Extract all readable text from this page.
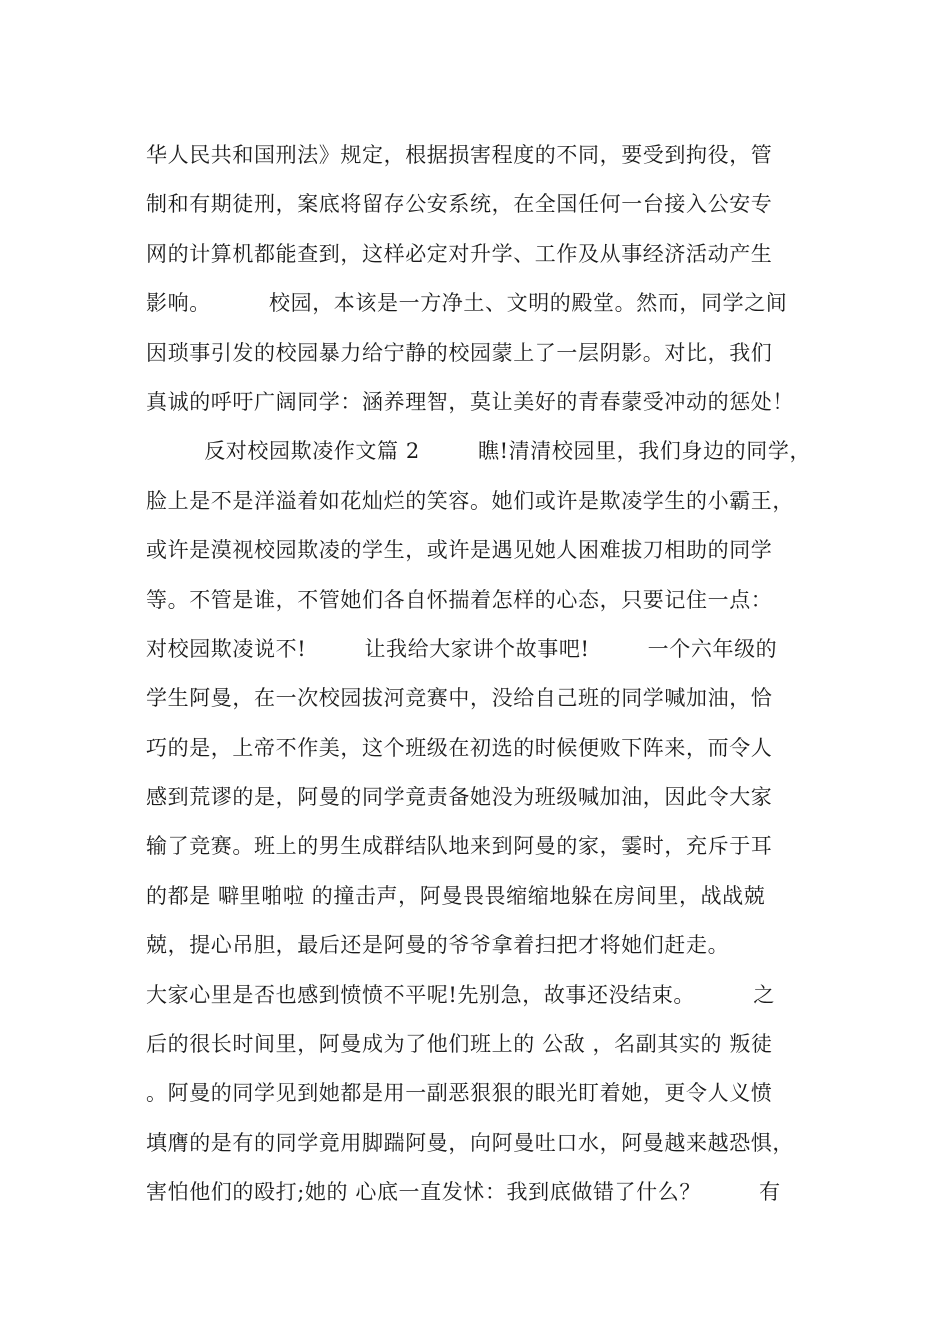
华人民共和国刑法》规定，根据损害程度的不同，要受到拘役，管
制和有期徒刑，案底将留存公安系统，在全国任何一台接入公安专
网的计算机都能查到，这样必定对升学、工作及从事经济活动产生
影响。        校园，本该是一方净土、文明的殿堂。然而，同学之间
因琐事引发的校园暴力给宁静的校园蒙上了一层阴影。对比，我们
真诚的呼吁广阔同学：涵养理智，莫让美好的青春蒙受冲动的惩处！
反对校园欺凌作文篇 2        瞧!清清校园里，我们身边的同学，
脸上是不是洋溢着如花灿烂的笑容。她们或许是欺凌学生的小霸王，
或许是漠视校园欺凌的学生，或许是遇见她人困难拔刀相助的同学
等。不管是谁，不管她们各自怀揣着怎样的心态，只要记住一点：
对校园欺凌说不!        让我给大家讲个故事吧!        一个六年级的
学生阿曼，在一次校园拔河竞赛中，没给自己班的同学喊加油，恰
巧的是，上帝不作美，这个班级在初选的时候便败下阵来，而令人
感到荒谬的是，阿曼的同学竟责备她没为班级喊加油，因此令大家
输了竞赛。班上的男生成群结队地来到阿曼的家，霎时，充斥于耳
的都是 噼里啪啦 的撞击声，阿曼畏畏缩缩地躲在房间里，战战兢
兢，提心吊胆，最后还是阿曼的爷爷拿着扫把才将她们赶走。
大家心里是否也感到愤愤不平呢!先别急，故事还没结束。        之
后的很长时间里，阿曼成为了他们班上的 公敌 ，名副其实的 叛徒
。阿曼的同学见到她都是用一副恶狠狠的眼光盯着她，更令人义愤
填膺的是有的同学竟用脚踹阿曼，向阿曼吐口水，阿曼越来越恐惧，
害怕他们的殴打;她的 心底一直发怵：我到底做错了什么？        有
